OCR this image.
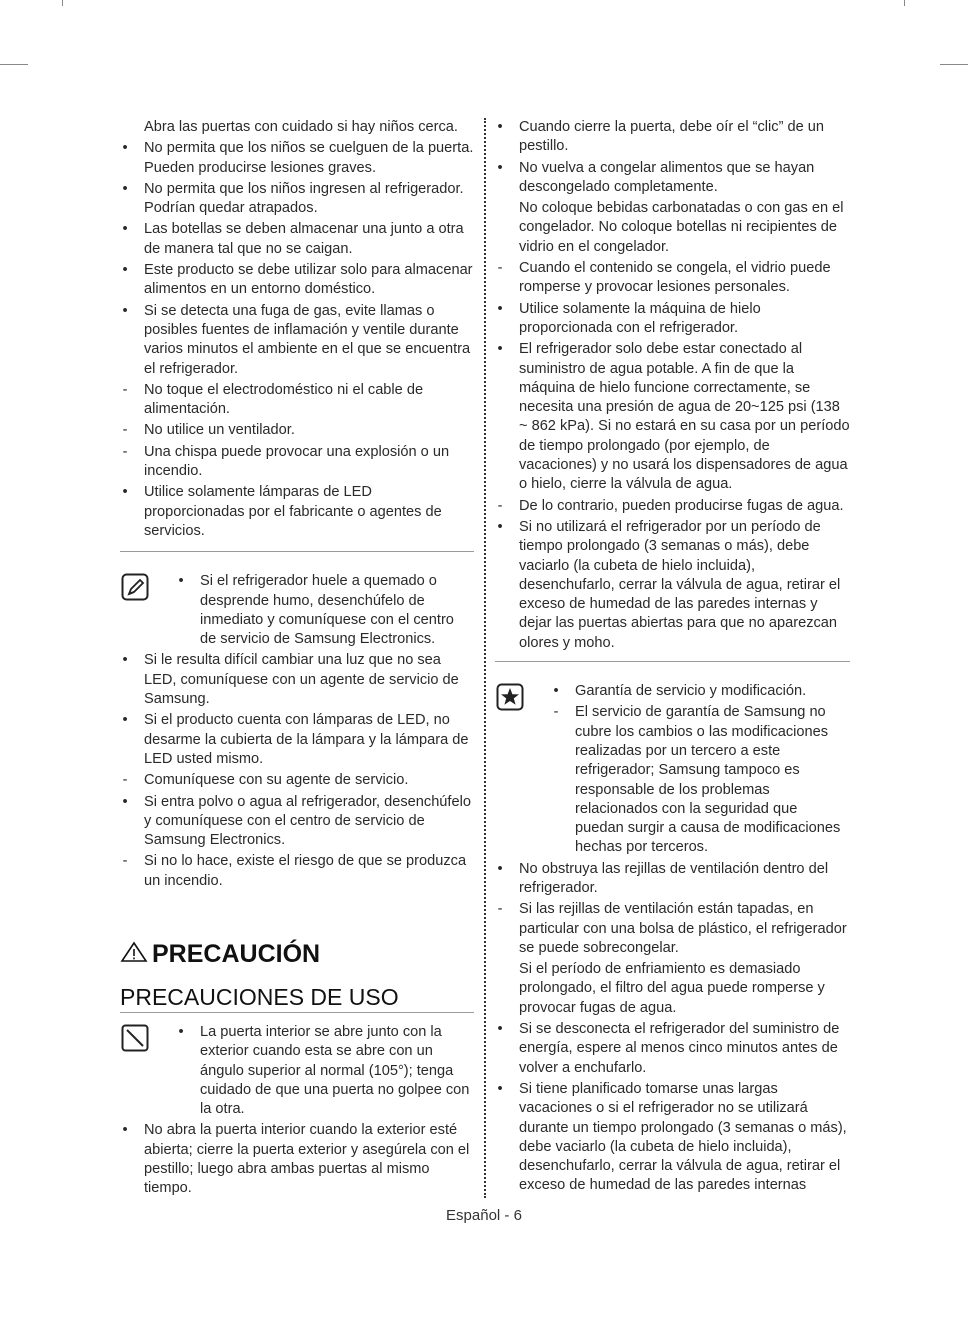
Abra las puertas con cuidado si hay niños cerca.
•
No permita que los niños se cuelguen de la puerta. Pueden producirse lesiones graves.
•
No permita que los niños ingresen al refrigerador. Podrían quedar atrapados.
•
Las botellas se deben almacenar una junto a otra de manera tal que no se caigan.
•
Este producto se debe utilizar solo para almacenar alimentos en un entorno doméstico.
•
Si se detecta una fuga de gas, evite llamas o posibles fuentes de inflamación y ventile durante varios minutos el ambiente en el que se encuentra el refrigerador.
-
No toque el electrodoméstico ni el cable de alimentación.
-
No utilice un ventilador.
-
Una chispa puede provocar una explosión o un incendio.
•
Utilice solamente lámparas de LED proporcionadas por el fabricante o agentes de servicios.
•
Si el refrigerador huele a quemado o desprende humo, desenchúfelo de inmediato y comuníquese con el centro de servicio de Samsung Electronics.
•
Si le resulta difícil cambiar una luz que no sea LED, comuníquese con un agente de servicio de Samsung.
•
Si el producto cuenta con lámparas de LED, no desarme la cubierta de la lámpara y la lámpara de LED usted mismo.
-
Comuníquese con su agente de servicio.
•
Si entra polvo o agua al refrigerador, desenchúfelo y comuníquese con el centro de servicio de Samsung Electronics.
-
Si no lo hace, existe el riesgo de que se produzca un incendio.
PRECAUCIÓN
PRECAUCIONES DE USO
•
La puerta interior se abre junto con la exterior cuando esta se abre con un ángulo superior al normal (105°); tenga cuidado de que una puerta no golpee con la otra.
•
No abra la puerta interior cuando la exterior esté abierta; cierre la puerta exterior y asegúrela con el pestillo; luego abra ambas puertas al mismo tiempo.
•
Cuando cierre la puerta, debe oír el “clic” de un pestillo.
•
No vuelva a congelar alimentos que se hayan descongelado completamente.
No coloque bebidas carbonatadas o con gas en el congelador. No coloque botellas ni recipientes de vidrio en el congelador.
-
Cuando el contenido se congela, el vidrio puede romperse y provocar lesiones personales.
•
Utilice solamente la máquina de hielo proporcionada con el refrigerador.
•
El refrigerador solo debe estar conectado al suministro de agua potable. A fin de que la máquina de hielo funcione correctamente, se necesita una presión de agua de 20~125 psi (138 ~ 862 kPa). Si no estará en su casa por un período de tiempo prolongado (por ejemplo, de vacaciones) y no usará los dispensadores de agua o hielo, cierre la válvula de agua.
-
De lo contrario, pueden producirse fugas de agua.
•
Si no utilizará el refrigerador por un período de tiempo prolongado (3 semanas o más), debe vaciarlo (la cubeta de hielo incluida), desenchufarlo, cerrar la válvula de agua, retirar el exceso de humedad de las paredes internas y dejar las puertas abiertas para que no aparezcan olores y moho.
•
Garantía de servicio y modificación.
-
El servicio de garantía de Samsung no cubre los cambios o las modificaciones realizadas por un tercero a este refrigerador; Samsung tampoco es responsable de los problemas relacionados con la seguridad que puedan surgir a causa de modificaciones hechas por terceros.
•
No obstruya las rejillas de ventilación dentro del refrigerador.
-
Si las rejillas de ventilación están tapadas, en particular con una bolsa de plástico, el refrigerador se puede sobrecongelar.
Si el período de enfriamiento es demasiado prolongado, el filtro del agua puede romperse y provocar fugas de agua.
•
Si se desconecta el refrigerador del suministro de energía, espere al menos cinco minutos antes de volver a enchufarlo.
•
Si tiene planificado tomarse unas largas vacaciones o si el refrigerador no se utilizará durante un tiempo prolongado (3 semanas o más), debe vaciarlo (la cubeta de hielo incluida), desenchufarlo, cerrar la válvula de agua, retirar el exceso de humedad de las paredes internas
Español - 6
